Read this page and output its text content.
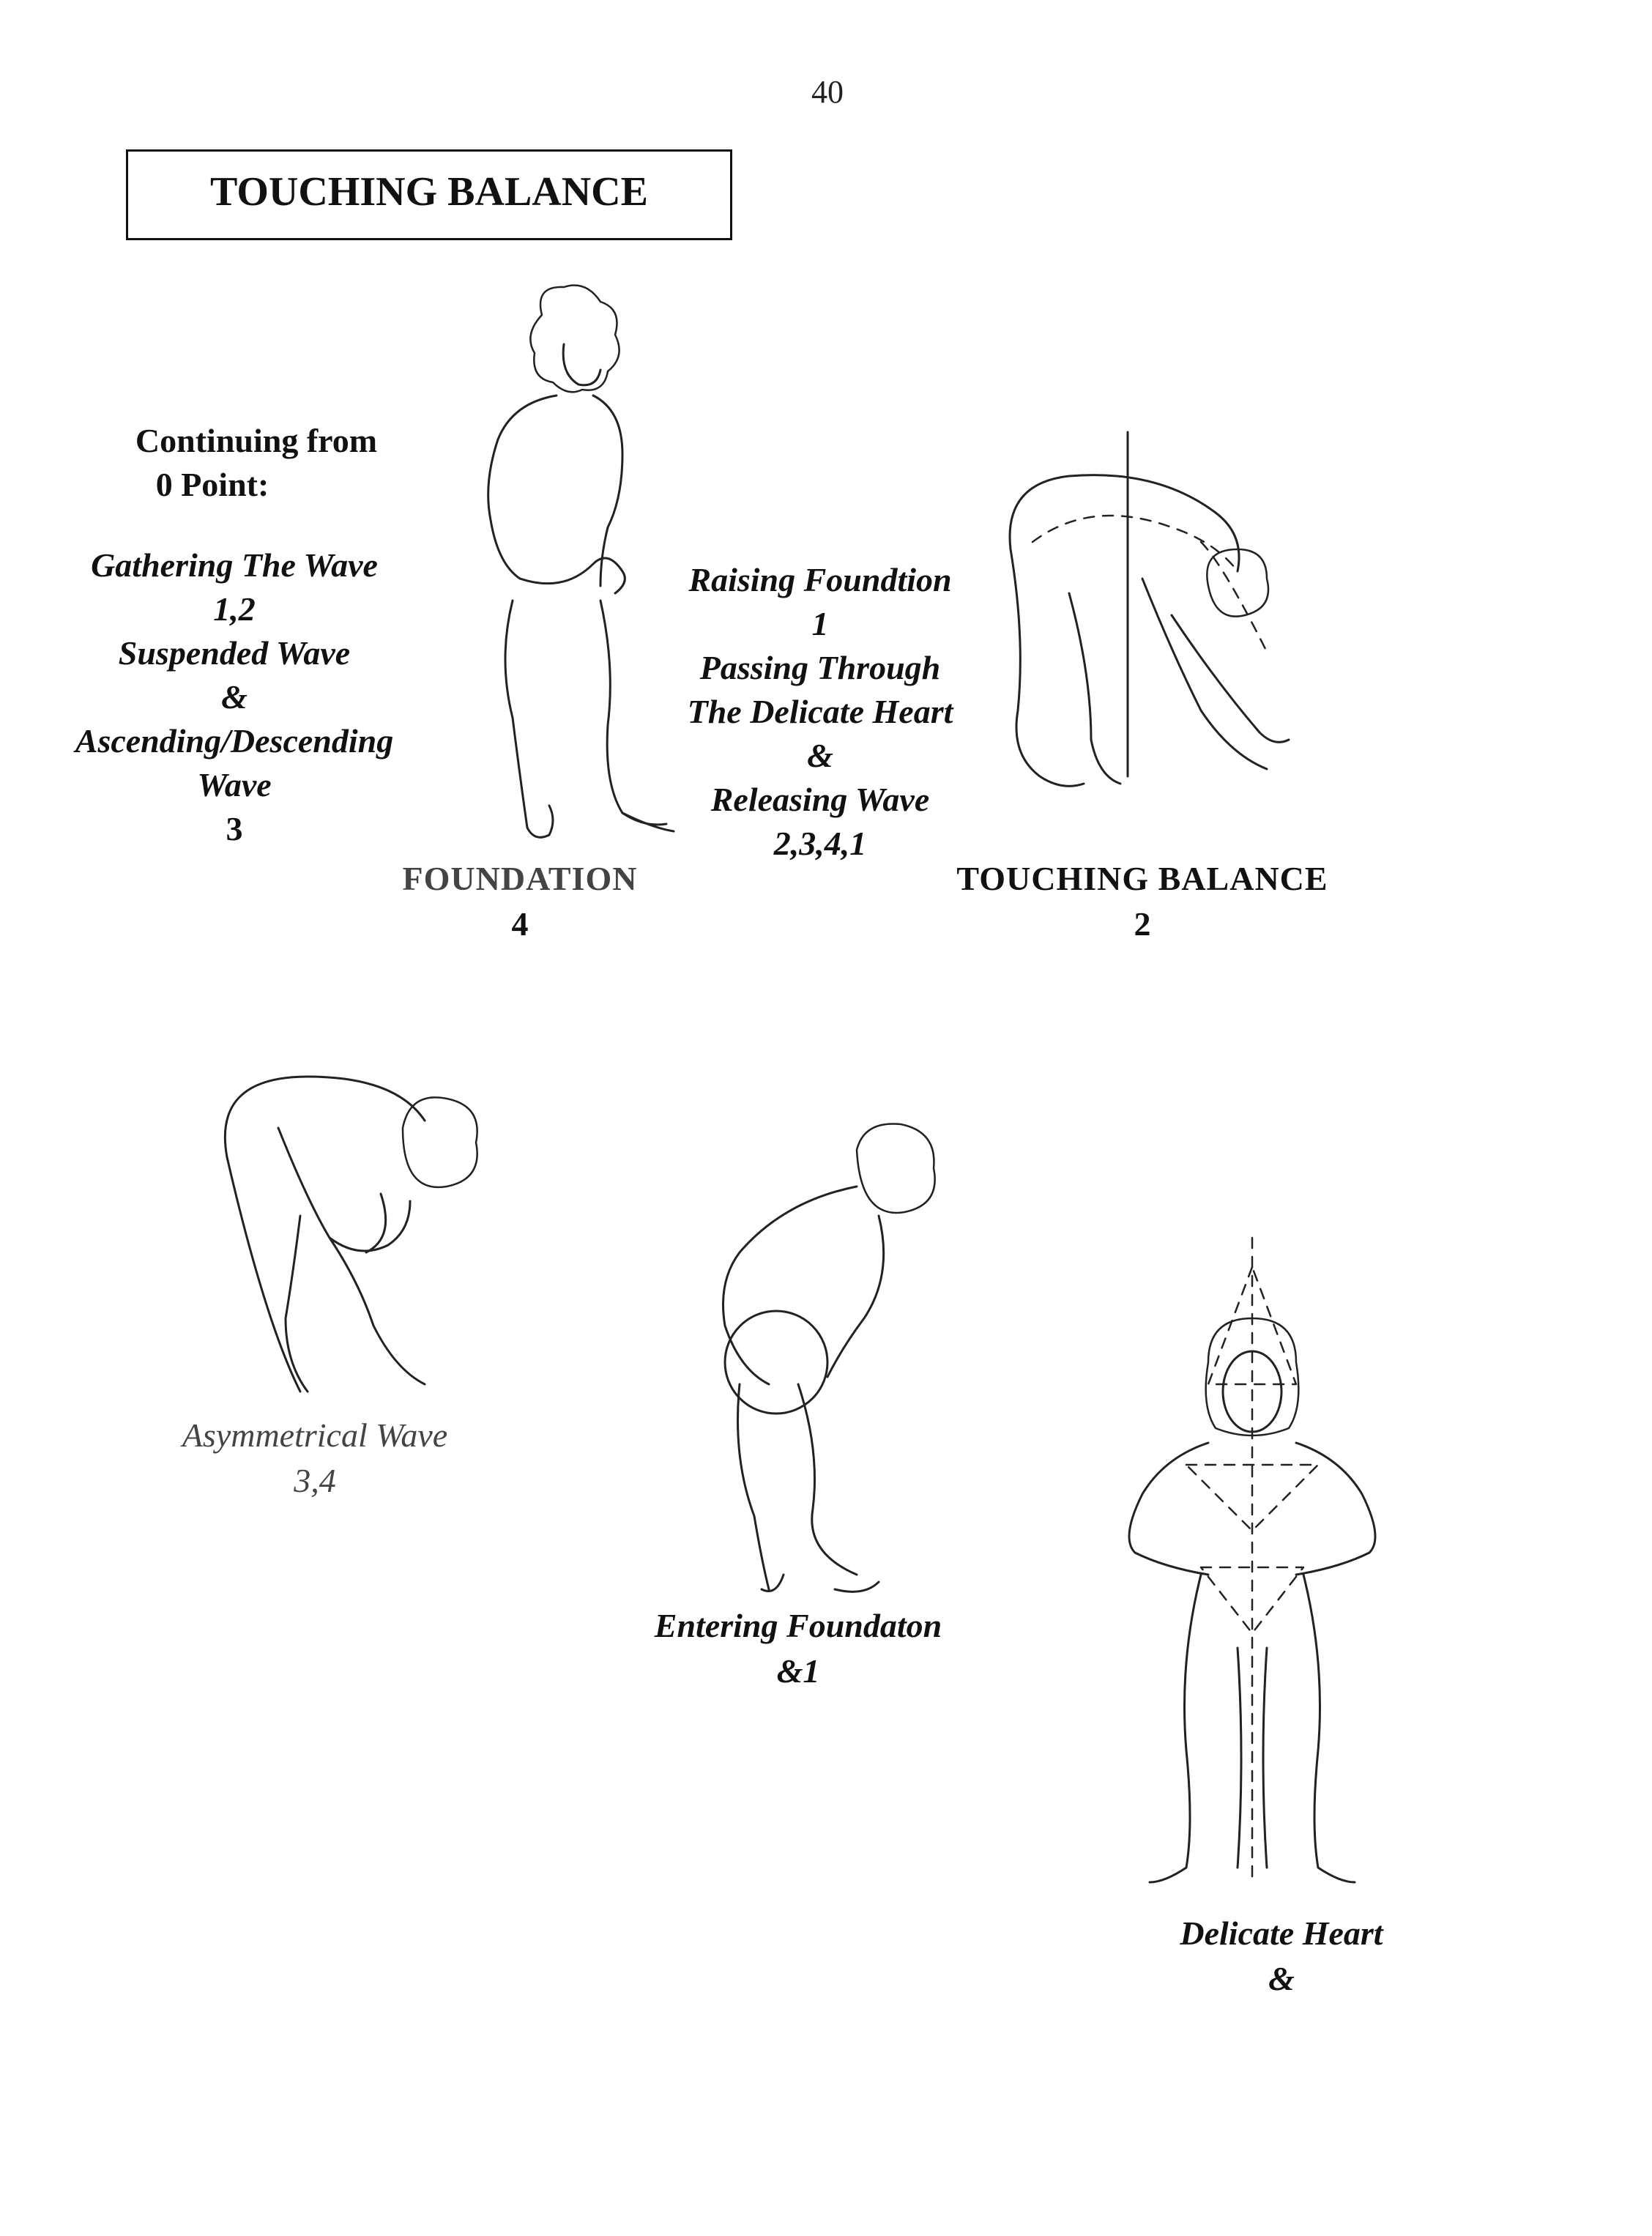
40
TOUCHING BALANCE
Continuing from
0 Point:
Gathering The Wave
1,2
Suspended Wave
&
Ascending/Descending
Wave
3
Raising Foundtion
1
Passing Through
The Delicate Heart
&
Releasing Wave
2,3,4,1
FOUNDATION
4
TOUCHING BALANCE
2
Asymmetrical Wave
3,4
Entering Foundaton
&1
Delicate Heart
&
